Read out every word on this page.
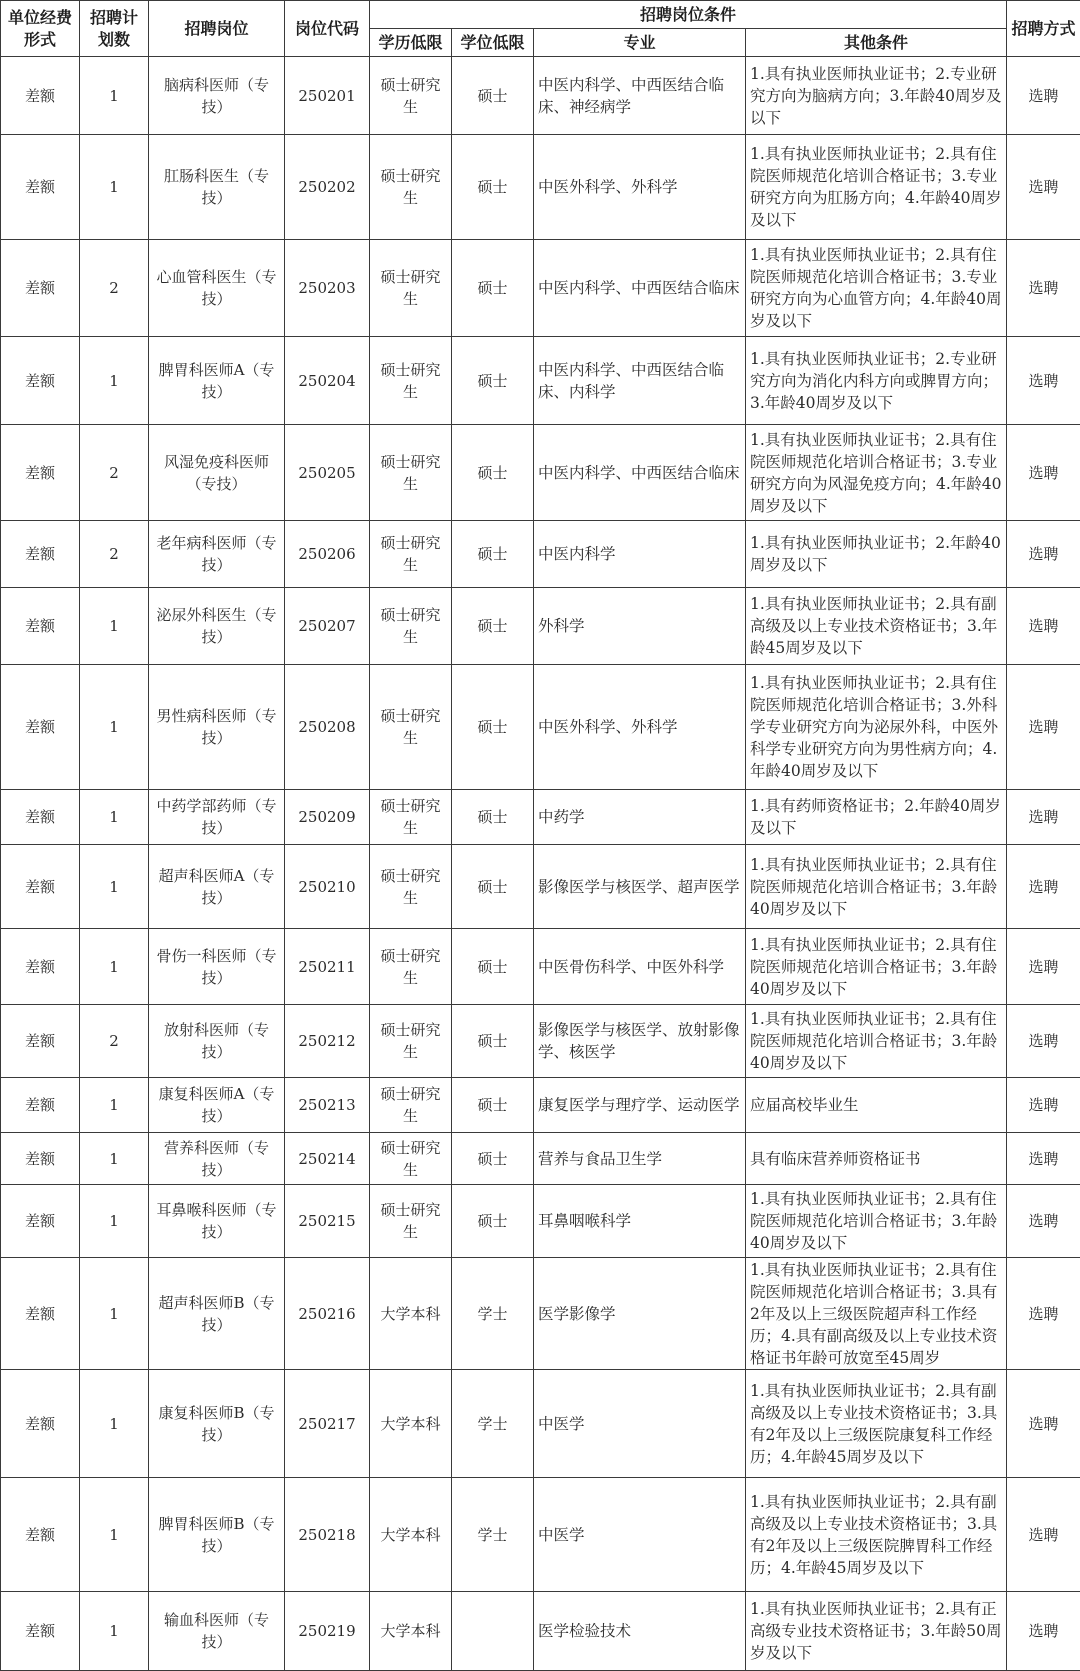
单位经费形式	招聘计划数	招聘岗位	岗位代码	招聘岗位条件				招聘方式
				学历低限	学位低限	专业	其他条件	
差额	1	脑病科医师（专技）	250201	硕士研究生	硕士	中医内科学、中西医结合临床、神经病学	1.具有执业医师执业证书；2.专业研究方向为脑病方向；3.年龄40周岁及以下	选聘
差额	1	肛肠科医生（专技）	250202	硕士研究生	硕士	中医外科学、外科学	1.具有执业医师执业证书；2.具有住院医师规范化培训合格证书；3.专业研究方向为肛肠方向；4.年龄40周岁及以下	选聘
差额	2	心血管科医生（专技）	250203	硕士研究生	硕士	中医内科学、中西医结合临床	1.具有执业医师执业证书；2.具有住院医师规范化培训合格证书；3.专业研究方向为心血管方向；4.年龄40周岁及以下	选聘
差额	1	脾胃科医师A（专技）	250204	硕士研究生	硕士	中医内科学、中西医结合临床、内科学	1.具有执业医师执业证书；2.专业研究方向为消化内科方向或脾胃方向；3.年龄40周岁及以下	选聘
差额	2	风湿免疫科医师（专技）	250205	硕士研究生	硕士	中医内科学、中西医结合临床	1.具有执业医师执业证书；2.具有住院医师规范化培训合格证书；3.专业研究方向为风湿免疫方向；4.年龄40周岁及以下	选聘
差额	2	老年病科医师（专技）	250206	硕士研究生	硕士	中医内科学	1.具有执业医师执业证书；2.年龄40周岁及以下	选聘
差额	1	泌尿外科医生（专技）	250207	硕士研究生	硕士	外科学	1.具有执业医师执业证书；2.具有副高级及以上专业技术资格证书；3.年龄45周岁及以下	选聘
差额	1	男性病科医师（专技）	250208	硕士研究生	硕士	中医外科学、外科学	1.具有执业医师执业证书；2.具有住院医师规范化培训合格证书；3.外科学专业研究方向为泌尿外科，中医外科学专业研究方向为男性病方向；4.年龄40周岁及以下	选聘
差额	1	中药学部药师（专技）	250209	硕士研究生	硕士	中药学	1.具有药师资格证书；2.年龄40周岁及以下	选聘
差额	1	超声科医师A（专技）	250210	硕士研究生	硕士	影像医学与核医学、超声医学	1.具有执业医师执业证书；2.具有住院医师规范化培训合格证书；3.年龄40周岁及以下	选聘
差额	1	骨伤一科医师（专技）	250211	硕士研究生	硕士	中医骨伤科学、中医外科学	1.具有执业医师执业证书；2.具有住院医师规范化培训合格证书；3.年龄40周岁及以下	选聘
差额	2	放射科医师（专技）	250212	硕士研究生	硕士	影像医学与核医学、放射影像学、核医学	1.具有执业医师执业证书；2.具有住院医师规范化培训合格证书；3.年龄40周岁及以下	选聘
差额	1	康复科医师A（专技）	250213	硕士研究生	硕士	康复医学与理疗学、运动医学	应届高校毕业生	选聘
差额	1	营养科医师（专技）	250214	硕士研究生	硕士	营养与食品卫生学	具有临床营养师资格证书	选聘
差额	1	耳鼻喉科医师（专技）	250215	硕士研究生	硕士	耳鼻咽喉科学	1.具有执业医师执业证书；2.具有住院医师规范化培训合格证书；3.年龄40周岁及以下	选聘
差额	1	超声科医师B（专技）	250216	大学本科	学士	医学影像学	1.具有执业医师执业证书；2.具有住院医师规范化培训合格证书；3.具有2年及以上三级医院超声科工作经历；4.具有副高级及以上专业技术资格证书年龄可放宽至45周岁	选聘
差额	1	康复科医师B（专技）	250217	大学本科	学士	中医学	1.具有执业医师执业证书；2.具有副高级及以上专业技术资格证书；3.具有2年及以上三级医院康复科工作经历；4.年龄45周岁及以下	选聘
差额	1	脾胃科医师B（专技）	250218	大学本科	学士	中医学	1.具有执业医师执业证书；2.具有副高级及以上专业技术资格证书；3.具有2年及以上三级医院脾胃科工作经历；4.年龄45周岁及以下	选聘
差额	1	输血科医师（专技）	250219	大学本科		医学检验技术	1.具有执业医师执业证书；2.具有正高级专业技术资格证书；3.年龄50周岁及以下	选聘
